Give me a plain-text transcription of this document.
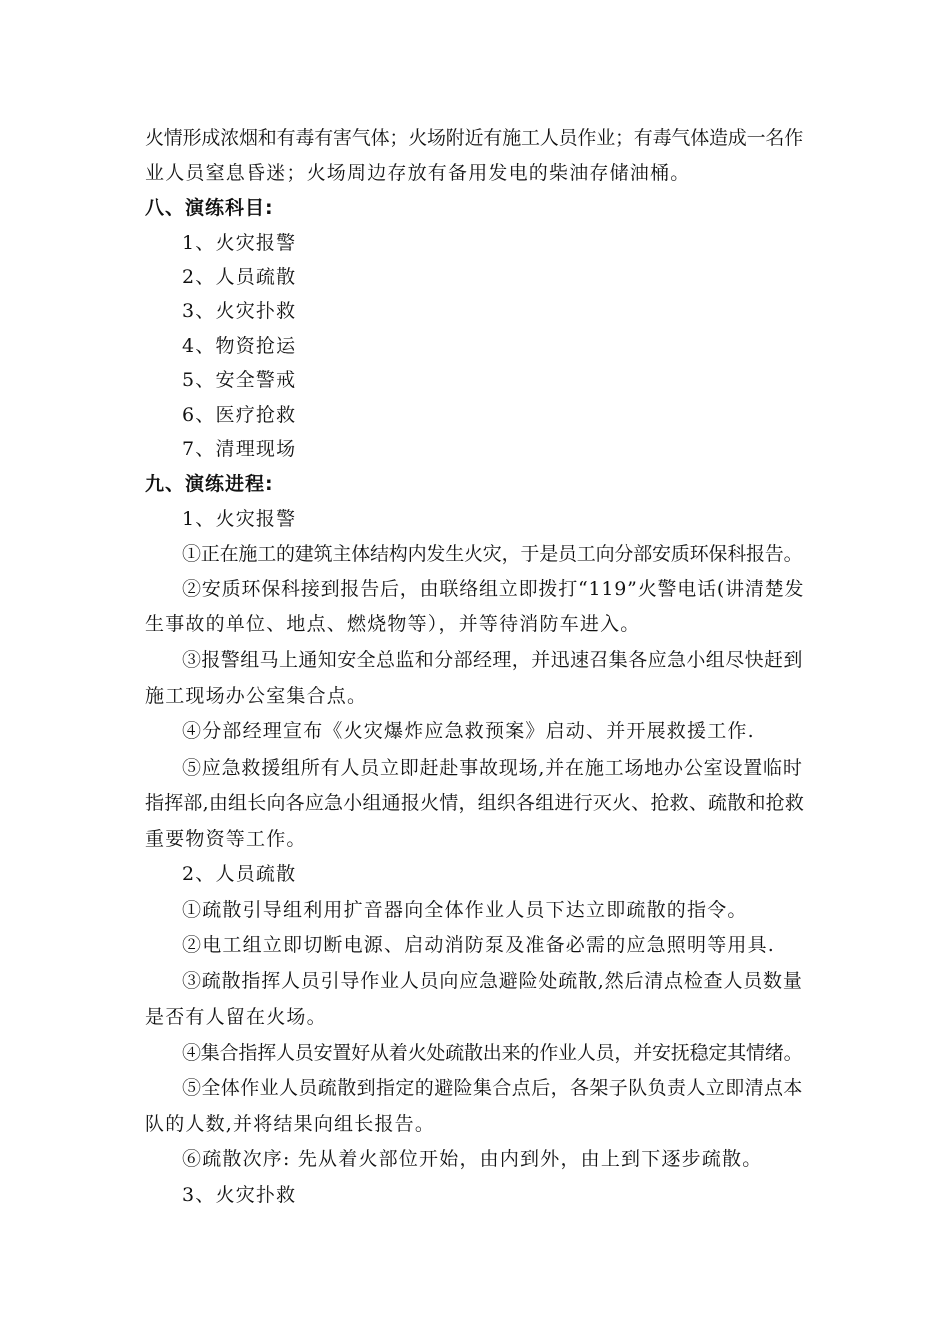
火情形成浓烟和有毒有害气体；火场附近有施工人员作业；有毒气体造成一名作
业人员窒息昏迷；火场周边存放有备用发电的柴油存储油桶。
八、演练科目:
1、火灾报警
2、人员疏散
3、火灾扑救
4、物资抢运
5、安全警戒
6、医疗抢救
7、清理现场
九、演练进程:
1、火灾报警
①正在施工的建筑主体结构内发生火灾，于是员工向分部安质环保科报告。
②安质环保科接到报告后，由联络组立即拨打“119”火警电话(讲清楚发
生事故的单位、地点、燃烧物等），并等待消防车进入。
③报警组马上通知安全总监和分部经理，并迅速召集各应急小组尽快赶到
施工现场办公室集合点。
④分部经理宣布《火灾爆炸应急救预案》启动、并开展救援工作.
⑤应急救援组所有人员立即赶赴事故现场,并在施工场地办公室设置临时
指挥部,由组长向各应急小组通报火情，组织各组进行灭火、抢救、疏散和抢救
重要物资等工作。
2、人员疏散
①疏散引导组利用扩音器向全体作业人员下达立即疏散的指令。
②电工组立即切断电源、启动消防泵及准备必需的应急照明等用具.
③疏散指挥人员引导作业人员向应急避险处疏散,然后清点检查人员数量
是否有人留在火场。
④集合指挥人员安置好从着火处疏散出来的作业人员，并安抚稳定其情绪。
⑤全体作业人员疏散到指定的避险集合点后，各架子队负责人立即清点本
队的人数,并将结果向组长报告。
⑥疏散次序: 先从着火部位开始，由内到外，由上到下逐步疏散。
3、火灾扑救
